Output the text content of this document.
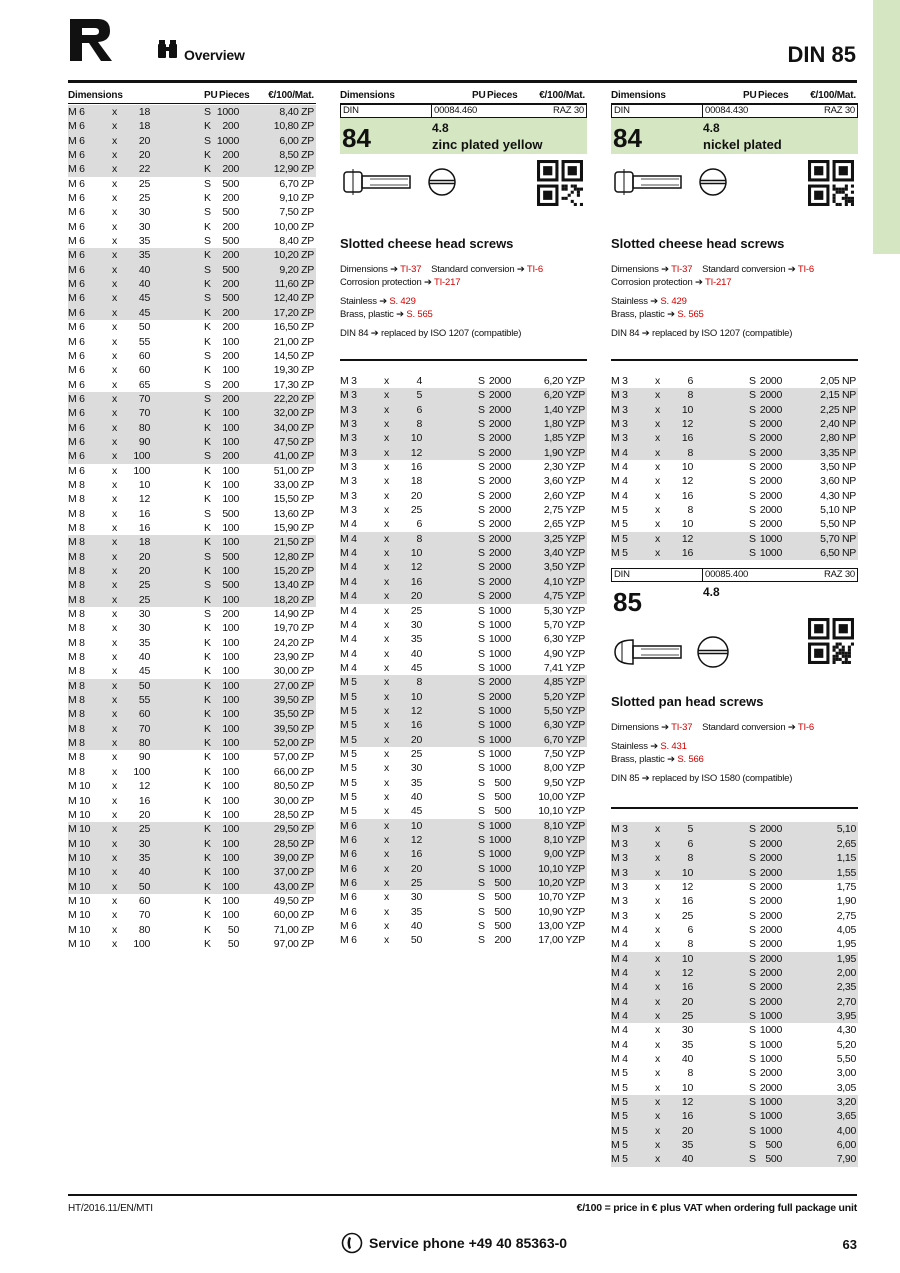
Overview	DIN 85
Dimensions	PU Pieces €/100/Mat.
M 6	x 18	S 1000	8,40 ZP
M 6	x 18	K 200	10,80 ZP
M 6	x 20	S 1000	6,00 ZP
M 6	x 20	K 200	8,50 ZP
M 6	x 22	K 200	12,90 ZP
M 6	x 25	S 500	6,70 ZP
M 6	x 25	K 200	9,10 ZP
M 6	x 30	S 500	7,50 ZP
M 6	x 30	K 200	10,00 ZP
M 6	x 35	S 500	8,40 ZP
M 6	x 35	K 200	10,20 ZP
M 6	x 40	S 500	9,20 ZP
M 6	x 40	K 200	11,60 ZP
M 6	x 45	S 500	12,40 ZP
M 6	x 45	K 200	17,20 ZP
M 6	x 50	K 200	16,50 ZP
M 6	x 55	K 100	21,00 ZP
M 6	x 60	S 200	14,50 ZP
M 6	x 60	K 100	19,30 ZP
M 6	x 65	S 200	17,30 ZP
M 6	x 70	S 200	22,20 ZP
M 6	x 70	K 100	32,00 ZP
M 6	x 80	K 100	34,00 ZP
M 6	x 90	K 100	47,50 ZP
M 6	x 100	S 200	41,00 ZP
M 6	x 100	K 100	51,00 ZP
M 8	x 10	K 100	33,00 ZP
M 8	x 12	K 100	15,50 ZP
M 8	x 16	S 500	13,60 ZP
M 8	x 16	K 100	15,90 ZP
M 8	x 18	K 100	21,50 ZP
M 8	x 20	S 500	12,80 ZP
M 8	x 20	K 100	15,20 ZP
M 8	x 25	S 500	13,40 ZP
M 8	x 25	K 100	18,20 ZP
M 8	x 30	S 200	14,90 ZP
M 8	x 30	K 100	19,70 ZP
M 8	x 35	K 100	24,20 ZP
M 8	x 40	K 100	23,90 ZP
M 8	x 45	K 100	30,00 ZP
M 8	x 50	K 100	27,00 ZP
M 8	x 55	K 100	39,50 ZP
M 8	x 60	K 100	35,50 ZP
M 8	x 70	K 100	39,50 ZP
M 8	x 80	K 100	52,00 ZP
M 8	x 90	K 100	57,00 ZP
M 8	x 100	K 100	66,00 ZP
M 10 x 12	K 100	80,50 ZP
M 10 x 16	K 100	30,00 ZP
M 10 x 20	K 100	28,50 ZP
M 10 x 25	K 100	29,50 ZP
M 10 x 30	K 100	28,50 ZP
M 10 x 35	K 100	39,00 ZP
M 10 x 40	K 100	37,00 ZP
M 10 x 50	K 100	43,00 ZP
M 10 x 60	K 100	49,50 ZP
M 10 x 70	K 100	60,00 ZP
M 10 x 80	K 50	71,00 ZP
M 10 x 100	K 50	97,00 ZP
Dimensions	PU Pieces €/100/Mat.
DIN	00084.460	RAZ 30
84	4.8
zinc plated yellow
Slotted cheese head screws
Dimensions ➔ TI-37 Standard conversion ➔ TI-6
Corrosion protection ➔ TI-217
Stainless ➔ S. 429
Brass, plastic ➔ S. 565
DIN 84 ➔ replaced by ISO 1207 (compatible)
M 3	x	4	S 2000	6,20 YZP
M 3	x	5	S 2000	6,20 YZP
M 3	x	6	S 2000	1,40 YZP
M 3	x	8	S 2000	1,80 YZP
M 3	x 10	S 2000	1,85 YZP
M 3	x 12	S 2000	1,90 YZP
M 3	x 16	S 2000	2,30 YZP
M 3	x 18	S 2000	3,60 YZP
M 3	x 20	S 2000	2,60 YZP
M 3	x 25	S 2000	2,75 YZP
M 4	x	6	S 2000	2,65 YZP
M 4	x	8	S 2000	3,25 YZP
M 4	x 10	S 2000	3,40 YZP
M 4	x 12	S 2000	3,50 YZP
M 4	x 16	S 2000	4,10 YZP
M 4	x 20	S 2000	4,75 YZP
M 4	x 25	S 1000	5,30 YZP
M 4	x 30	S 1000	5,70 YZP
M 4	x 35	S 1000	6,30 YZP
M 4	x 40	S 1000	4,90 YZP
M 4	x 45	S 1000	7,41 YZP
M 5	x	8	S 2000	4,85 YZP
M 5	x 10	S 2000	5,20 YZP
M 5	x 12	S 1000	5,50 YZP
M 5	x 16	S 1000	6,30 YZP
M 5	x 20	S 1000	6,70 YZP
M 5	x 25	S 1000	7,50 YZP
M 5	x 30	S 1000	8,00 YZP
M 5	x 35	S 500	9,50 YZP
M 5	x 40	S 500	10,00 YZP
M 5	x 45	S 500	10,10 YZP
M 6	x 10	S 1000	8,10 YZP
M 6	x 12	S 1000	8,10 YZP
M 6	x 16	S 1000	9,00 YZP
M 6	x 20	S 1000	10,10 YZP
M 6	x 25	S 500	10,20 YZP
M 6	x 30	S 500	10,70 YZP
M 6	x 35	S 500	10,90 YZP
M 6	x 40	S 500	13,00 YZP
M 6	x 50	S 200	17,00 YZP
Dimensions	PU Pieces €/100/Mat.
DIN	00084.430	RAZ 30
84	4.8
nickel plated
Slotted cheese head screws
Dimensions ➔ TI-37 Standard conversion ➔ TI-6
Corrosion protection ➔ TI-217
Stainless ➔ S. 429
Brass, plastic ➔ S. 565
DIN 84 ➔ replaced by ISO 1207 (compatible)
M 3	x	6	S 2000	2,05 NP
M 3	x	8	S 2000	2,15 NP
M 3	x 10	S 2000	2,25 NP
M 3	x 12	S 2000	2,40 NP
M 3	x 16	S 2000	2,80 NP
M 4	x	8	S 2000	3,35 NP
M 4	x 10	S 2000	3,50 NP
M 4	x 12	S 2000	3,60 NP
M 4	x 16	S 2000	4,30 NP
M 5	x	8	S 2000	5,10 NP
M 5	x 10	S 2000	5,50 NP
M 5	x 12	S 1000	5,70 NP
M 5	x 16	S 1000	6,50 NP
DIN	00085.400	RAZ 30
85	4.8
Slotted pan head screws
Dimensions ➔ TI-37 Standard conversion ➔ TI-6
Stainless ➔ S. 431
Brass, plastic ➔ S. 566
DIN 85 ➔ replaced by ISO 1580 (compatible)
M 3	x	5	S 2000	5,10
M 3	x	6	S 2000	2,65
M 3	x	8	S 2000	1,15
M 3	x 10	S 2000	1,55
M 3	x 12	S 2000	1,75
M 3	x 16	S 2000	1,90
M 3	x 25	S 2000	2,75
M 4	x	6	S 2000	4,05
M 4	x	8	S 2000	1,95
M 4	x 10	S 2000	1,95
M 4	x 12	S 2000	2,00
M 4	x 16	S 2000	2,35
M 4	x 20	S 2000	2,70
M 4	x 25	S 1000	3,95
M 4	x 30	S 1000	4,30
M 4	x 35	S 1000	5,20
M 4	x 40	S 1000	5,50
M 5	x	8	S 2000	3,00
M 5	x 10	S 2000	3,05
M 5	x 12	S 1000	3,20
M 5	x 16	S 1000	3,65
M 5	x 20	S 1000	4,00
M 5	x 35	S 500	6,00
M 5	x 40	S 500	7,90
HT/2016.11/EN/MTI	€/100 = price in € plus VAT when ordering full package unit
Service phone +49 40 85363-0	63
